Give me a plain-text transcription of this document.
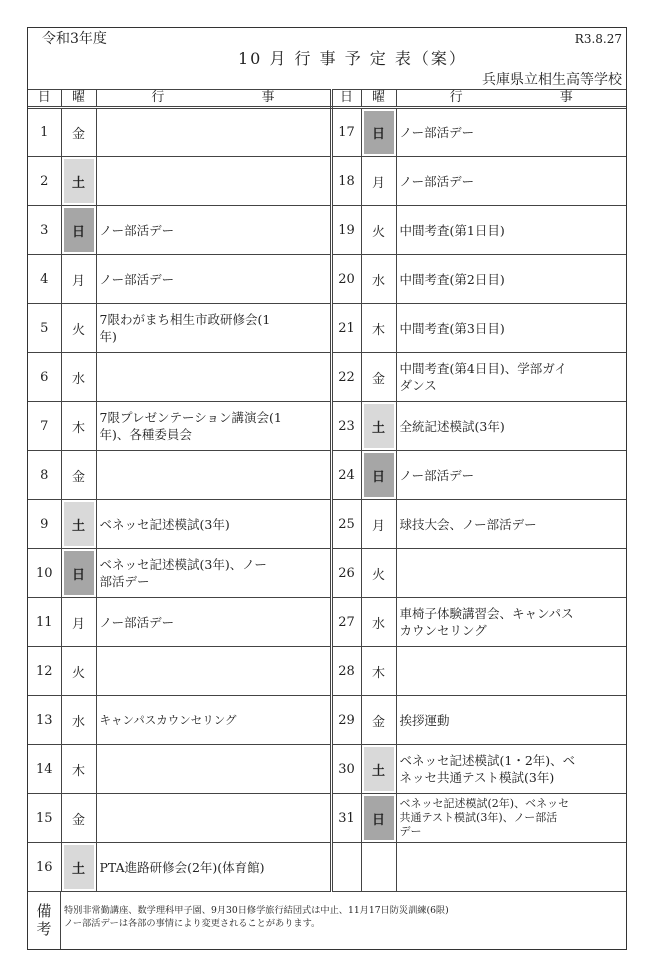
令和3年度	R3.8.27
10 月 行 事 予 定 表（案）
兵庫県立相生高等学校
日	曜	行 事	日	曜	行 事
1	金		17	日	ノー部活デー

2	土		18	月	ノー部活デー

3	日	ノー部活デー	19	火	中間考査(第1日目)

4	月	ノー部活デー	20	水	中間考査(第2日目)

5	火	7限わがまち相生市政研修会(1
年)	21	木	中間考査(第3日目)

6	水		22	金	中間考査(第4日目)、学部ガイ
ダンス

7	木	7限プレゼンテーション講演会(1
年)、各種委員会	23	土	全統記述模試(3年)

8	金		24	日	ノー部活デー

9	土	ベネッセ記述模試(3年)	25	月	球技大会、ノー部活デー

10	日	ベネッセ記述模試(3年)、ノー
部活デー	26	火	
11	月	ノー部活デー	27	水	車椅子体験講習会、キャンパス
カウンセリング

12	火		28	木	
13	水	キャンパスカウンセリング	29	金	挨拶運動

14	木		30	土	ベネッセ記述模試(1・2年)、ベ
ネッセ共通テスト模試(3年)

15	金		31	日	ベネッセ記述模試(2年)、ベネッセ
共通テスト模試(3年)、ノー部活
デー

16	土	PTA進路研修会(2年)(体育館)			

備考
特別非常勤講座、数学理科甲子園、9月30日修学旅行結団式は中止、11月17日防災訓練(6限)
ノー部活デーは各部の事情により変更されることがあります。
